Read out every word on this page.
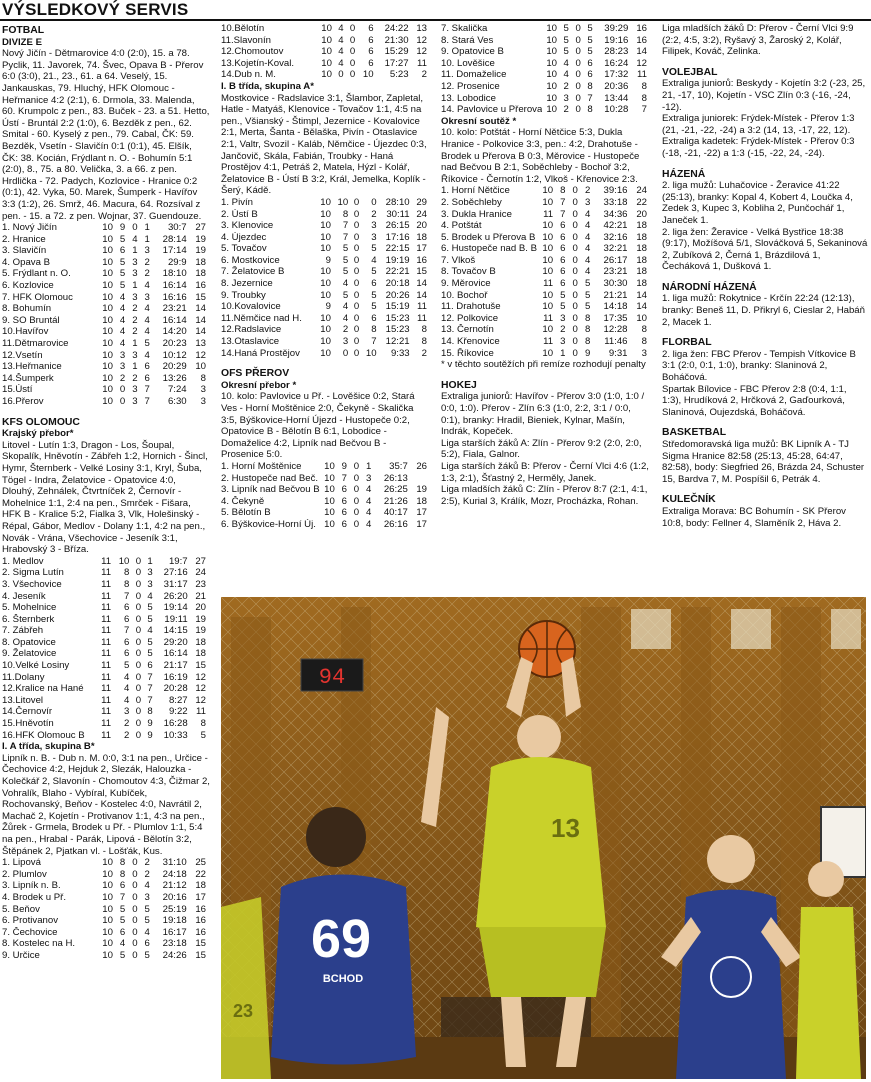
VÝSLEDKOVÝ SERVIS
FOTBAL
DIVIZE E

Nový Jičín - Dětmarovice 4:0 (2:0), 15. a 78. Pyclik, 11. Javorek, 74. Švec, Opava B - Přerov 6:0 (3:0), 21., 23., 61. a 64. Veselý, 15. Jankauskas, 79. Hluchý, HFK Olomouc - Heřmanice 4:2 (2:1), 6. Drmola, 33. Malenda, 60. Krumpolc z pen., 83. Buček - 23. a 51. Hetto, Ústí - Bruntál 2:2 (1:0), 6. Bezděk z pen., 62. Smital - 60. Kyselý z pen., 79. Cabal, ČK: 59. Bezděk, Vsetín - Slavičín 0:1 (0:1), 45. Elšík, ČK: 38. Kocián, Frýdlant n. O. - Bohumín 5:1 (2:0), 8., 75. a 80. Velička, 3. a 66. z pen. Hrdlička - 72. Padych, Kozlovice - Hranice 0:2 (0:1), 42. Vyka, 50. Marek, Šumperk - Havířov 3:3 (1:2), 26. Smrž, 46. Macura, 64. Rozsíval z pen. - 15. a 72. z pen. Wojnar, 37. Guendouze.

1. Nový Jičín	10	9	0	1	30:7	27
2. Hranice	10	5	4	1	28:14	19
3. Slavičín	10	6	1	3	17:14	19
4. Opava B	10	5	3	2	29:9	18
5. Frýdlant n. O.	10	5	3	2	18:10	18
6. Kozlovice	10	5	1	4	16:14	16
7. HFK Olomouc	10	4	3	3	16:16	15
8. Bohumín	10	4	2	4	23:21	14
9. SO Bruntál	10	4	2	4	16:14	14
10.Havířov	10	4	2	4	14:20	14
11.Dětmarovice	10	4	1	5	20:23	13
12.Vsetín	10	3	3	4	10:12	12
13.Heřmanice	10	3	1	6	20:29	10
14.Šumperk	10	2	2	6	13:26	8
15.Ústí	10	0	3	7	7:24	3
16.Přerov	10	0	3	7	6:30	3
KFS OLOMOUC
Krajský přebor*

Litovel - Lutín 1:3, Dragon - Los, Šoupal, Skopalík, Hněvotín - Zábřeh 1:2, Hornich - Šincl, Hymr, Šternberk - Velké Losiny 3:1, Kryl, Šuba, Tögel - Indra, Želatovice - Opatovice 4:0, Dlouhý, Zehnálek, Čtvrtníček 2, Černovír - Mohelnice 1:1, 2:4 na pen., Smrček - Fišara, HFK B - Kralice 5:2, Fialka 3, Vlk, Holešinský - Répal, Gábor, Medlov - Dolany 1:1, 4:2 na pen., Novák - Vrána, Všechovice - Jeseník 3:1, Hrabovský 3 - Bříza.

1. Medlov	11	10	0	1	19:7	27
2. Sigma Lutín	11	8	0	3	27:16	24
3. Všechovice	11	8	0	3	31:17	23
4. Jeseník	11	7	0	4	26:20	21
5. Mohelnice	11	6	0	5	19:14	20
6. Šternberk	11	6	0	5	19:11	19
7. Zábřeh	11	7	0	4	14:15	19
8. Opatovice	11	6	0	5	29:20	18
9. Želatovice	11	6	0	5	16:14	18
10.Velké Losiny	11	5	0	6	21:17	15
11.Dolany	11	4	0	7	16:19	12
12.Kralice na Hané	11	4	0	7	20:28	12
13.Litovel	11	4	0	7	8:27	12
14.Černovír	11	3	0	8	9:22	11
15.Hněvotín	11	2	0	9	16:28	8
16.HFK Olomouc B	11	2	0	9	10:33	5
I. A třída, skupina B*

Lipník n. B. - Dub n. M. 0:0, 3:1 na pen., Určice - Čechovice 4:2, Hejduk 2, Slezák, Halouzka - Kolečkář 2, Slavonín - Chomoutov 4:3, Čižmar 2, Vohralík, Blaho - Vybíral, Kubíček, Rochovanský, Beňov - Kostelec 4:0, Navrátil 2, Machač 2, Kojetín - Protivanov 1:1, 4:3 na pen., Žůrek - Grmela, Brodek u Př. - Plumlov 1:1, 5:4 na pen., Hrabal - Parák, Lipová - Bělotín 3:2, Štěpánek 2, Pjatkan vl. - Lošťák, Kus.

1. Lipová	10	8	0	2	31:10	25
2. Plumlov	10	8	0	2	24:18	22
3. Lipník n. B.	10	6	0	4	21:12	18
4. Brodek u Př.	10	7	0	3	20:16	17
5. Beňov	10	5	0	5	25:19	16
6. Protivanov	10	5	0	5	19:18	16
7. Čechovice	10	6	0	4	16:17	16
8. Kostelec na H.	10	4	0	6	23:18	15
9. Určice	10	5	0	5	24:26	15
10.Bělotín	10	4	0	6	24:22	13
11.Slavonín	10	4	0	6	21:30	12
12.Chomoutov	10	4	0	6	15:29	12
13.Kojetín-Koval.	10	4	0	6	17:27	11
14.Dub n. M.	10	0	0	10	5:23	2
I. B třída, skupina A*

Mostkovice - Radslavice 3:1, Šlambor, Zapletal, Hatle - Matyáš, Klenovice - Tovačov 1:1, 4:5 na pen., Všianský - Štimpl, Jezernice - Kovalovice 2:1, Merta, Šanta - Bělaška, Pivín - Otaslavice 2:1, Valtr, Svozil - Kaláb, Němčice - Újezdec 0:3, Jančovič, Skála, Fabián, Troubky - Haná Prostějov 4:1, Petráš 2, Matela, Hýzl - Kolář, Želatovice B - Ústí B 3:2, Král, Jemelka, Koplík - Šerý, Kádě.

1. Pivín	10	10	0	0	28:10	29
2. Ústí B	10	8	0	2	30:11	24
3. Klenovice	10	7	0	3	26:15	20
4. Újezdec	10	7	0	3	17:16	18
5. Tovačov	10	5	0	5	22:15	17
6. Mostkovice	9	5	0	4	19:19	16
7. Želatovice B	10	5	0	5	22:21	15
8. Jezernice	10	4	0	6	20:18	14
9. Troubky	10	5	0	5	20:26	14
10.Kovalovice	9	4	0	5	15:19	11
11.Němčice nad H.	10	4	0	6	15:23	11
12.Radslavice	10	2	0	8	15:23	8
13.Otaslavice	10	3	0	7	12:21	8
14.Haná Prostějov	10	0	0	10	9:33	2
OFS PŘEROV
Okresní přebor *

10. kolo: Pavlovice u Př. - Lověšice 0:2, Stará Ves - Horní Moštěnice 2:0, Čekyně - Skalička 3:5, Býškovice-Horní Újezd - Hustopeče 0:2, Opatovice B - Bělotín B 6:1, Lobodice - Domaželice 4:2, Lipník nad Bečvou B - Prosenice 5:0.

1. Horní Moštěnice	10	9	0	1	35:7	26
2. Hustopeče nad Beč.	10	7	0	3	26:13	
3. Lipník nad Bečvou B	10	6	0	4	26:25	19
4. Čekyně	10	6	0	4	21:26	18
5. Bělotín B	10	6	0	4	40:17	17
6. Býškovice-Horní Új.	10	6	0	4	26:16	17
7. Skalička	10	5	0	5	39:29	16
8. Stará Ves	10	5	0	5	19:16	16
9. Opatovice B	10	5	0	5	28:23	14
10. Lověšice	10	4	0	6	16:24	12
11. Domaželice	10	4	0	6	17:32	11
12. Prosenice	10	2	0	8	20:36	8
13. Lobodice	10	3	0	7	13:44	8
14. Pavlovice u Přerova	10	2	0	8	10:28	7
Okresní soutěž *

10. kolo: Potštát - Horní Nětčice 5:3, Dukla Hranice - Polkovice 3:3, pen.: 4:2, Drahotuše - Brodek u Přerova B 0:3, Měrovice - Hustopeče nad Bečvou B 2:1, Soběchleby - Bochoř 3:2, Říkovice - Černotín 1:2, Vlkoš - Křenovice 2:3.

1. Horní Nětčice	10	8	0	2	39:16	24
2. Soběchleby	10	7	0	3	33:18	22
3. Dukla Hranice	11	7	0	4	34:36	20
4. Potštát	10	6	0	4	42:21	18
5. Brodek u Přerova B	10	6	0	4	32:16	18
6. Hustopeče nad B. B	10	6	0	4	32:21	18
7. Vlkoš	10	6	0	4	26:17	18
8. Tovačov B	10	6	0	4	23:21	18
9. Měrovice	11	6	0	5	30:30	18
10. Bochoř	10	5	0	5	21:21	14
11. Drahotuše	10	5	0	5	14:18	14
12. Polkovice	11	3	0	8	17:35	10
13. Černotín	10	2	0	8	12:28	8
14. Křenovice	11	3	0	8	11:46	8
15. Říkovice	10	1	0	9	9:31	3

* v těchto soutěžích při remíze rozhodují penalty

HOKEJ

Extraliga juniorů: Havířov - Přerov 3:0 (1:0, 1:0 / 0:0, 1:0). Přerov - Zlín 6:3 (1:0, 2:2, 3:1 / 0:0, 0:1), branky: Hradil, Bieniek, Kylnar, Mašín, Indrák, Kopeček.

Liga starších žáků A: Zlín - Přerov 9:2 (2:0, 2:0, 5:2), Fiala, Galnor.

Liga starších žáků B: Přerov - Černí Vlci 4:6 (1:2, 1:3, 2:1), Šťastný 2, Herměly, Janek.

Liga mladších žáků C: Zlín - Přerov 8:7 (2:1, 4:1, 2:5), Kurial 3, Králík, Mozr, Procházka, Rohan.

Liga mladších žáků D: Přerov - Černí Vlci 9:9 (2:2, 4:5, 3:2), Ryšavý 3, Žaroský 2, Kolář, Filipek, Kováč, Zelinka.

VOLEJBAL

Extraliga juniorů: Beskydy - Kojetín 3:2 (-23, 25, 21, -17, 10), Kojetín - VSC Zlín 0:3 (-16, -24, -12).

Extraliga juniorek: Frýdek-Místek - Přerov 1:3 (21, -21, -22, -24) a 3:2 (14, 13, -17, 22, 12).

Extraliga kadetek: Frýdek-Místek - Přerov 0:3 (-18, -21, -22) a 1:3 (-15, -22, 24, -24).

HÁZENÁ

2. liga mužů: Luhačovice - Žeravice 41:22 (25:13), branky: Kopal 4, Kobert 4, Loučka 4, Zedek 3, Kupec 3, Kobliha 2, Punčochář 1, Janeček 1.

2. liga žen: Žeravice - Velká Bystřice 18:38 (9:17), Možíšová 5/1, Slováčková 5, Sekaninová 2, Zubíková 2, Černá 1, Brázdilová 1, Čecháková 1, Dušková 1.

NÁRODNÍ HÁZENÁ

1. liga mužů: Rokytnice - Krčín 22:24 (12:13), branky: Beneš 11, D. Přikryl 6, Cieslar 2, Habáň 2, Macek 1.

FLORBAL

2. liga žen: FBC Přerov - Tempish Vítkovice B 3:1 (2:0, 0:1, 1:0), branky: Slaninová 2, Boháčová.

Spartak Bílovice - FBC Přerov 2:8 (0:4, 1:1, 1:3), Hrudíková 2, Hrčková 2, Gaďourková, Slaninová, Oujezdská, Boháčová.

BASKETBAL

Středomoravská liga mužů: BK Lipník A - TJ Sigma Hranice 82:58 (25:13, 45:28, 64:47, 82:58), body: Siegfried 26, Brázda 24, Schuster 15, Bardva 7, M. Pospíšil 6, Petrák 4.

KULEČNÍK

Extraliga Morava: BC Bohumín - SK Přerov 10:8, body: Fellner 4, Slaměník 2, Háva 2.

94
13
69
BCHOD
23
